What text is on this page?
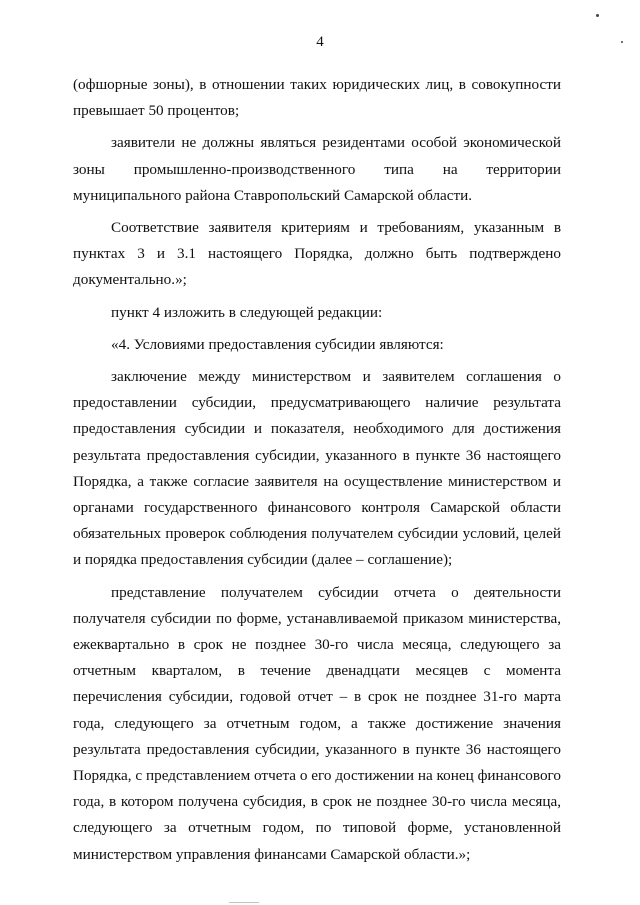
4

(офшорные зоны), в отношении таких юридических лиц, в совокупности превышает 50 процентов;

заявители не должны являться резидентами особой экономической зоны промышленно-производственного типа на территории муниципального района Ставропольский Самарской области.

Соответствие заявителя критериям и требованиям, указанным в пунктах 3 и 3.1 настоящего Порядка, должно быть подтверждено документально.»;

пункт 4 изложить в следующей редакции:

«4. Условиями предоставления субсидии являются:

заключение между министерством и заявителем соглашения о предоставлении субсидии, предусматривающего наличие результата предоставления субсидии и показателя, необходимого для достижения результата предоставления субсидии, указанного в пункте 36 настоящего Порядка, а также согласие заявителя на осуществление министерством и органами государственного финансового контроля Самарской области обязательных проверок соблюдения получателем субсидии условий, целей и порядка предоставления субсидии (далее – соглашение);

представление получателем субсидии отчета о деятельности получателя субсидии по форме, устанавливаемой приказом министерства, ежеквартально в срок не позднее 30-го числа месяца, следующего за отчетным кварталом, в течение двенадцати месяцев с момента перечисления субсидии, годовой отчет – в срок не позднее 31-го марта года, следующего за отчетным годом, а также достижение значения результата предоставления субсидии, указанного в пункте 36 настоящего Порядка, с представлением отчета о его достижении на конец финансового года, в котором получена субсидия, в срок не позднее 30-го числа месяца, следующего за отчетным годом, по типовой форме, установленной министерством управления финансами Самарской области.»;
